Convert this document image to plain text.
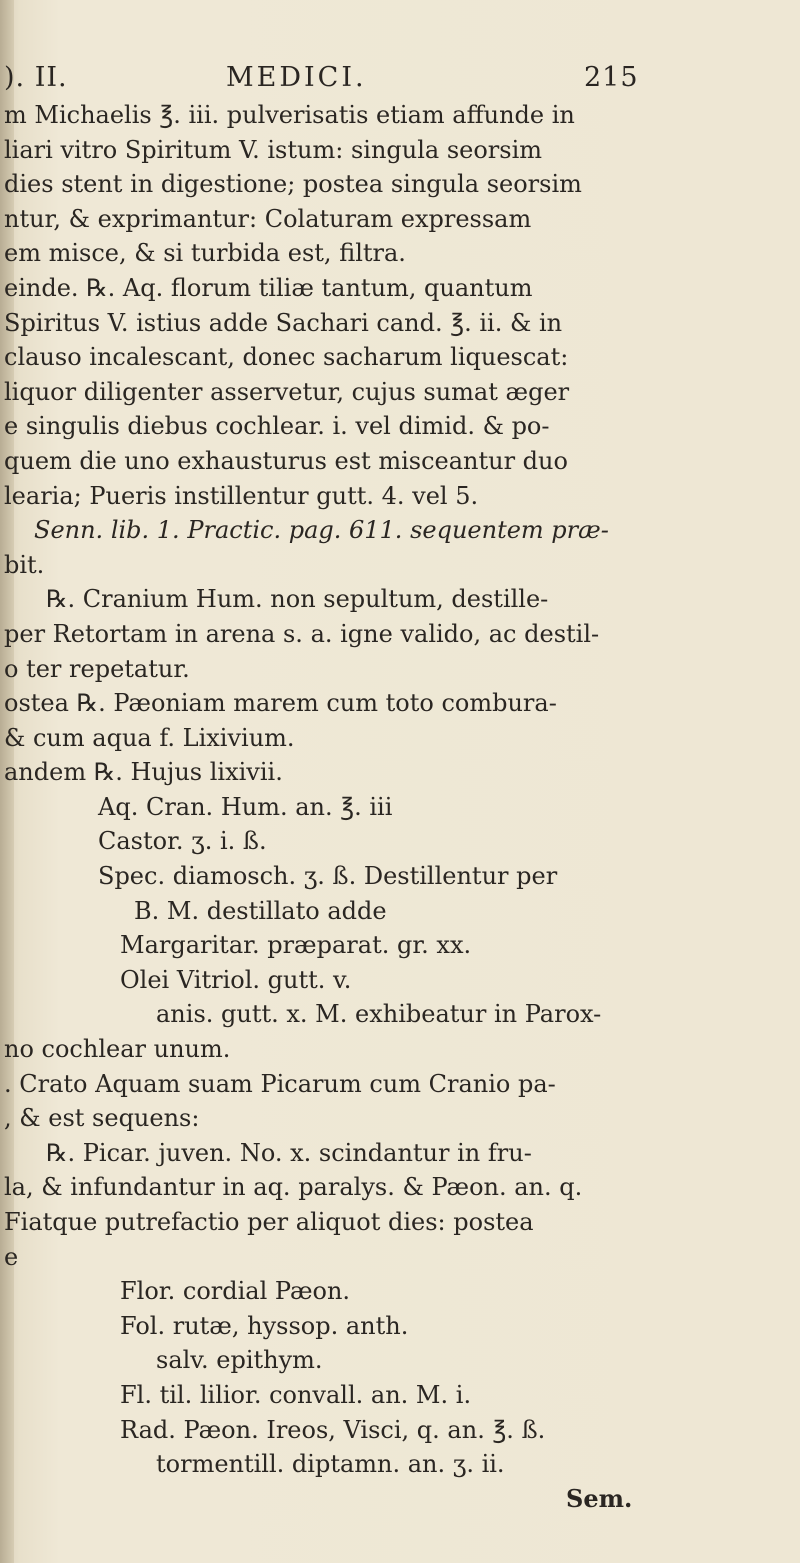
). II.	MEDICI.	215
m Michaelis ℥. iii. pulverisatis etiam affunde in
liari vitro Spiritum V. istum: singula seorsim
dies stent in digestione; postea singula seorsim
ntur, & exprimantur: Colaturam expressam
em misce, & si turbida est, filtra.
einde. ℞. Aq. florum tiliæ tantum, quantum
Spiritus V. istius adde Sachari cand. ℥. ii. & in
clauso incalescant, donec sacharum liquescat:
liquor diligenter asservetur, cujus sumat æger
e singulis diebus cochlear. i. vel dimid. & po-
quem die uno exhausturus est misceantur duo
learia; Pueris instillentur gutt. 4. vel 5.
Senn. lib. 1. Practic. pag. 611. sequentem præ-
bit.
℞. Cranium Hum. non sepultum, destille-
per Retortam in arena s. a. igne valido, ac destil-
o ter repetatur.
ostea ℞. Pæoniam marem cum toto combura-
& cum aqua f. Lixivium.
andem ℞. Hujus lixivii.
Aq. Cran. Hum. an. ℥. iii
Castor. ʒ. i. ß.
Spec. diamosch. ʒ. ß. Destillentur per
B. M. destillato adde
Margaritar. præparat. gr. xx.
Olei Vitriol. gutt. v.
anis. gutt. x. M. exhibeatur in Parox-
no cochlear unum.
. Crato Aquam suam Picarum cum Cranio pa-
, & est sequens:
℞. Picar. juven. No. x. scindantur in fru-
la, & infundantur in aq. paralys. & Pæon. an. q.
Fiatque putrefactio per aliquot dies: postea
e
Flor. cordial Pæon.
Fol. rutæ, hyssop. anth.
salv. epithym.
Fl. til. lilior. convall. an. M. i.
Rad. Pæon. Ireos, Visci, q. an. ℥. ß.
tormentill. diptamn. an. ʒ. ii.
Sem.
